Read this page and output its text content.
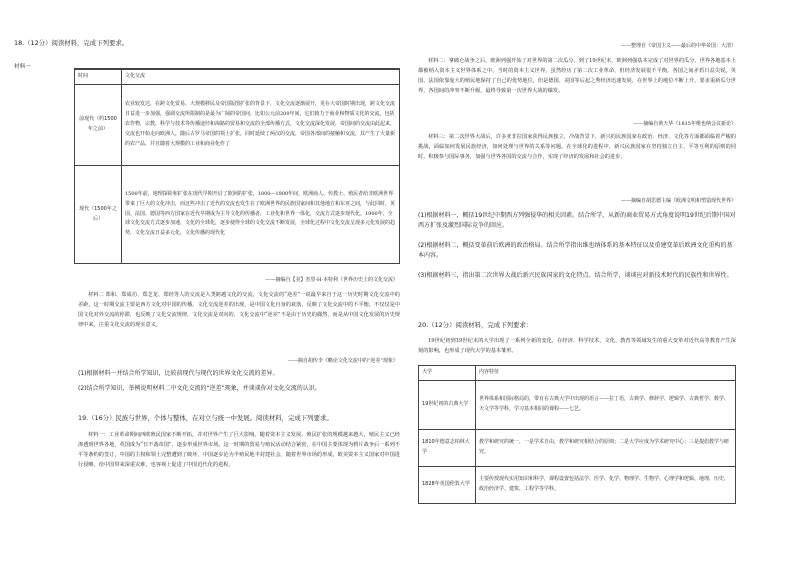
18.（12分）阅读材料，完成下列要求。
材料一
时间	文化交流
前现代（约1500年之前）	农业较发达，在跨文化贸易、大规模移民及帝国版图扩张的背景下，文化交流逐渐展开，更在大帝国时期出现，跨文化交流日益进一步加强，强调交流所限制的是最为广阔的帝国间，比如公元前200年间，它们致力于商业和物质文化的交流，包括农作物，宗教，科学与技术等传播途径和海路的贸易和交流的全部传播方式，文化交流深化发展，帝国间的交流由此起来，交流也开始走向欧洲人，随后古罗马帝国的领土扩张，同时延续了两汉的交流，帝国各部间的接触和交流，其产生了大量新的农产品，并且随着大规模的工业和商业化作了
现代（1500年之后）	1500年前，地理探险和扩张在现代早期开启了欧洲的扩张，1800—1900年间，欧洲商人、传教士、殖民者给非欧洲世界带来了巨大的文化冲击，而这些冲击了近代的交流也发生在了欧洲世界的民族国家间和其他地方和东亚之间，与此同时，英国、法国、德国等西方国家在近代早期成为主导文化的传播者，工业化和世界一体化，交流方式逐步现代化。1900年，全球文化交流方式逐步加速，文化的全球化，逐步使得全球的文化交流不断发展，全球化过程中文化交流呈现多元化发展的趋势，文化交流日益多元化，文化传播的现代化
——摘编自【美】杰里·H·本特利《世界历史上的文化交流》

材料二 郑和、郑成功、郑芝龙、郑经等人的交流是人类跨越文化的交流，文化交流的“逆差”一说最早来自于这一历史时期文化交流中的差距，这一时期交流主要是西方文化对中国的传播。文化交流逆差的出现，是中国文化自身的衰落，反映了文化交流中的不平衡，不仅仅是中国文化对外交流的停滞，也反映了文化交流规律，文化交流是双向的，文化交流中“逆差”不是由于历史的偶然，而是从中国文化发展的历史规律中来，注重文化交流的现实意义。

——摘自胡传李《略论文化交流中的“逆差”现象》
(1)根据材料一并结合所学知识，比较前现代与现代的世界文化交流的差异。
(2)结合所学知识，举例说明材料二中文化交流的“逆差”现象，并谈谈你对文化交流的认识。
19.（16分）民族与世界，个体与整体，在对立与统一中发展。阅读材料，完成下列要求。

材料一：工业革命期间西欧殖民国家不断开拓，并对世界产生了巨大影响。随着资本主义发展，殖民扩张的规模越来越大，殖民主义已经渗透到世界各地，英国成为“日不落帝国”，逐步形成世界市场。这一时期的贸易与殖民活动结合紧密，在中国主要体现为鸦片战争后一系列不平等条约的签订，中国的主权和领土完整遭到了破坏，中国逐步沦为半殖民地半封建社会。随着世界市场的形成，欧美资本主义国家对中国进行侵略，给中国带来深重灾难，也客观上促进了中国近代化的进程。

——整理自《帝国主义——最后的中华帝国：大清》

材料二：拿破仑战争之后，欧洲列强开始了对世界的第二次瓜分。到了19世纪末，欧洲列强基本完成了对世界的瓜分，世界各地基本上都被纳入资本主义世界体系之中。当时的资本主义世界，虽然经历了第二次工业革命，但经济发展很不平衡，各国之间矛盾日益尖锐。英国、法国依靠庞大的殖民地保持了自己的优势地位，但是德国、美国等后起之秀经济迅速发展，在世界上的地位不断上升，要求重新瓜分世界，各国间的冲突不断升级，最终导致第一次世界大战的爆发。

——摘编自黄天华《1815年维也纳会议新论》

材料三：第二次世界大战后，许多亚非拉国家获得民族独立，冷战背景下，新兴的民族国家在政治、经济、文化等方面都面临着严峻的挑战，面临如何发展民族经济，如何处理与世界的关系等问题。在全球化的进程中，新兴民族国家在坚持独立自主、平等互利的原则的同时，积极参与国际事务，加强与世界各国的交流与合作，实现了经济的发展和社会的进步。

——摘编自胡思德主编《欧洲文明和塑造现代世界》
(1)根据材料一，概括19世纪中期西方列强侵华的相关因素。结合所学，从新的商业贸易方式角度说明19世纪后期中国对西方扩张及激烈国际竞争的回应。
(2)根据材料二，概括变革前后欧洲的政治格局。结合所学指出维也纳体系的基本特征以及重建变革后欧洲文化重构的基本内容。
(3)根据材料三，指出第二次世界大战后新兴民族国家的文化特点。结合所学，谈谈应对新技术时代的民族性和世界性。
20.（12分）阅读材料，完成下列要求：

19世纪初到19世纪末的大学出现了一系列全新的变化，在经济、科学技术、文化、教育等领域发生的重大变革对近代高等教育产生深刻的影响，也形成了现代大学的基本雏形。

大学	内容特征
19世纪初的古典大学	世界体系和国际格局的，带有在古典大学中出现的语言——拉丁语，古典学、修辞学、逻辑学、古典哲学、数学、天文学等学科，学习基本相同的课程——七艺。
1810年德意志柏林大学	教学和研究的统一，一是学术自由，教学和研究相结合的原则；二是大学应成为学术研究中心；三是提倡教学与研究。
1828年英国伦敦大学	主要传授现代实用知识和科学，课程设置包括法学、医学、化学、物理学、生物学、心理学和逻辑、地理、历史、政治经济学、建筑、工程学等学科。
